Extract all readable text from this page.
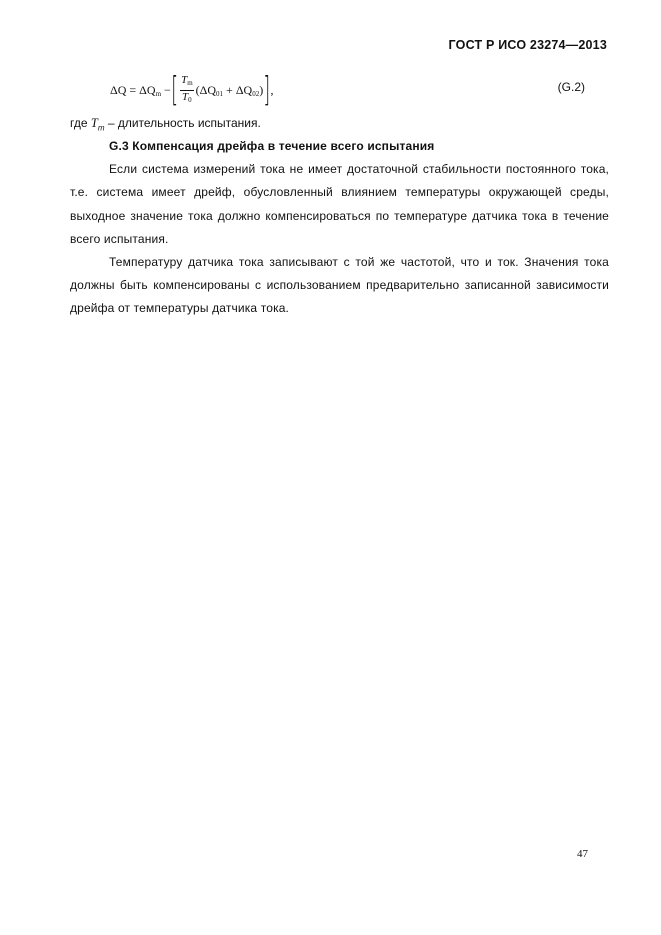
ГОСТ Р ИСО 23274—2013
ΔQ
=
$\Delta Q_m$
− [ $\frac{T_m}{T_0}$ ( $\Delta Q_{01}$
+
$\Delta Q_{02}$ ) ] ,	(G.2)
где $T_m$ – длительность испытания.

G.3 Компенсация дрейфа в течение всего испытания

Если система измерений тока не имеет достаточной стабильности постоянного тока, т.е. система имеет дрейф, обусловленный влиянием температуры окружающей среды, выходное значение тока должно компенсироваться по температуре датчика тока в течение всего испытания.

Температуру датчика тока записывают с той же частотой, что и ток. Значения тока должны быть компенсированы с использованием предварительно записанной зависимости дрейфа от температуры датчика тока.

47
